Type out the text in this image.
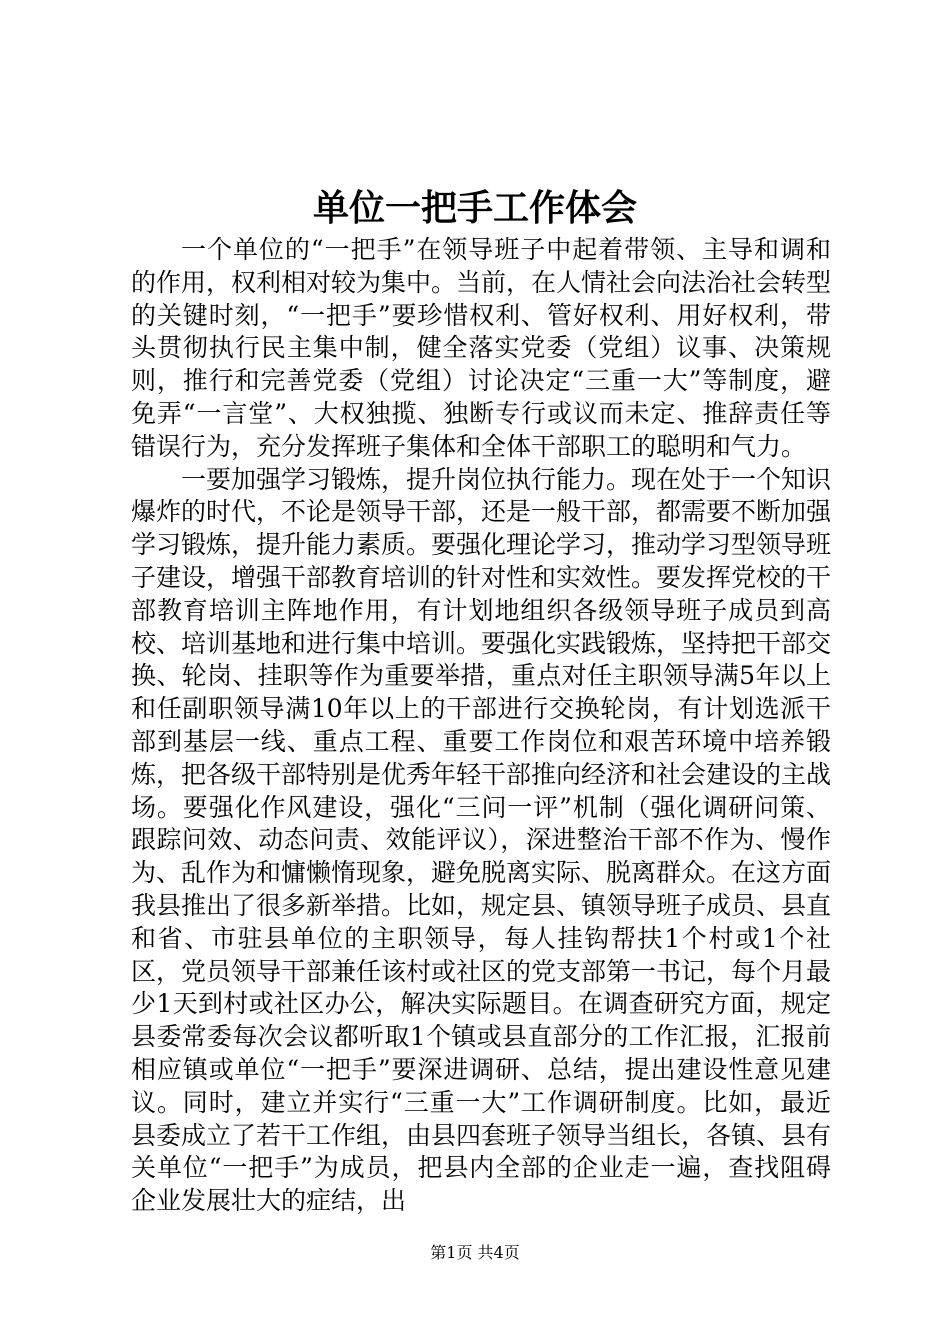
单位一把手工作体会

一个单位的“一把手”在领导班子中起着带领、主导和调和的作用，权利相对较为集中。当前，在人情社会向法治社会转型的关键时刻，“一把手”要珍惜权利、管好权利、用好权利，带头贯彻执行民主集中制，健全落实党委（党组）议事、决策规则，推行和完善党委（党组）讨论决定“三重一大”等制度，避免弄“一言堂”、大权独揽、独断专行或议而未定、推辞责任等错误行为，充分发挥班子集体和全体干部职工的聪明和气力。

一要加强学习锻炼，提升岗位执行能力。现在处于一个知识爆炸的时代，不论是领导干部，还是一般干部，都需要不断加强学习锻炼，提升能力素质。要强化理论学习，推动学习型领导班子建设，增强干部教育培训的针对性和实效性。要发挥党校的干部教育培训主阵地作用，有计划地组织各级领导班子成员到高校、培训基地和进行集中培训。要强化实践锻炼，坚持把干部交换、轮岗、挂职等作为重要举措，重点对任主职领导满5年以上和任副职领导满10年以上的干部进行交换轮岗，有计划选派干部到基层一线、重点工程、重要工作岗位和艰苦环境中培养锻炼，把各级干部特别是优秀年轻干部推向经济和社会建设的主战场。要强化作风建设，强化“三问一评”机制（强化调研问策、跟踪问效、动态问责、效能评议），深进整治干部不作为、慢作为、乱作为和慵懒惰现象，避免脱离实际、脱离群众。在这方面我县推出了很多新举措。比如，规定县、镇领导班子成员、县直和省、市驻县单位的主职领导，每人挂钩帮扶1个村或1个社区，党员领导干部兼任该村或社区的党支部第一书记，每个月最少1天到村或社区办公，解决实际题目。在调查研究方面，规定县委常委每次会议都听取1个镇或县直部分的工作汇报，汇报前相应镇或单位“一把手”要深进调研、总结，提出建设性意见建议。同时，建立并实行“三重一大”工作调研制度。比如，最近县委成立了若干工作组，由县四套班子领导当组长，各镇、县有关单位“一把手”为成员，把县内全部的企业走一遍，查找阻碍企业发展壮大的症结，出

第1页 共4页
